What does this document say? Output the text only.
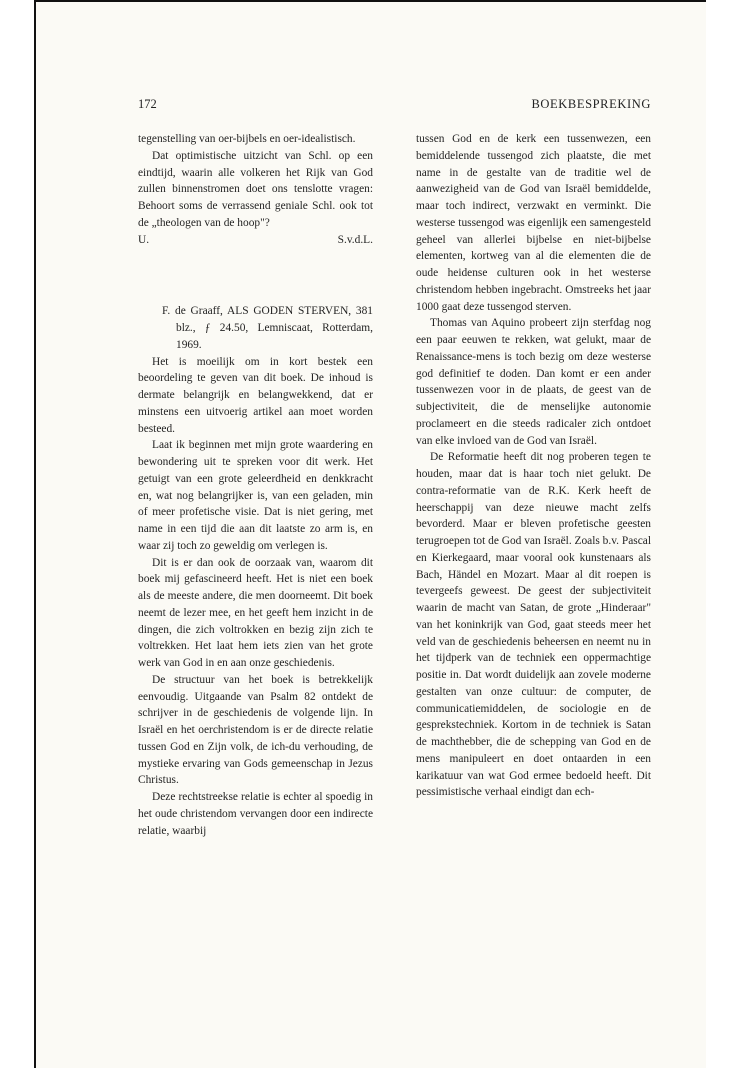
172	BOEKBESPREKING

tegenstelling van oer-bijbels en oer-idealistisch.

Dat optimistische uitzicht van Schl. op een eindtijd, waarin alle volkeren het Rijk van God zullen binnenstromen doet ons tenslotte vragen: Behoort soms de verrassend geniale Schl. ook tot de „theologen van de hoop"?

U.	S.v.d.L.

F. de Graaff, ALS GODEN STERVEN, 381 blz., ƒ 24.50, Lemniscaat, Rotterdam, 1969.

Het is moeilijk om in kort bestek een beoordeling te geven van dit boek. De inhoud is dermate belangrijk en belangwekkend, dat er minstens een uitvoerig artikel aan moet worden besteed.

Laat ik beginnen met mijn grote waardering en bewondering uit te spreken voor dit werk. Het getuigt van een grote geleerdheid en denkkracht en, wat nog belangrijker is, van een geladen, min of meer profetische visie. Dat is niet gering, met name in een tijd die aan dit laatste zo arm is, en waar zij toch zo geweldig om verlegen is.

Dit is er dan ook de oorzaak van, waarom dit boek mij gefascineerd heeft. Het is niet een boek als de meeste andere, die men doorneemt. Dit boek neemt de lezer mee, en het geeft hem inzicht in de dingen, die zich voltrokken en bezig zijn zich te voltrekken. Het laat hem iets zien van het grote werk van God in en aan onze geschiedenis.

De structuur van het boek is betrekkelijk eenvoudig. Uitgaande van Psalm 82 ontdekt de schrijver in de geschiedenis de volgende lijn. In Israël en het oerchristendom is er de directe relatie tussen God en Zijn volk, de ich-du verhouding, de mystieke ervaring van Gods gemeenschap in Jezus Christus.

Deze rechtstreekse relatie is echter al spoedig in het oude christendom vervangen door een indirecte relatie, waarbij

tussen God en de kerk een tussenwezen, een bemiddelende tussengod zich plaatste, die met name in de gestalte van de traditie wel de aanwezigheid van de God van Israël bemiddelde, maar toch indirect, verzwakt en verminkt. Die westerse tussengod was eigenlijk een samengesteld geheel van allerlei bijbelse en niet-bijbelse elementen, kortweg van al die elementen die de oude heidense culturen ook in het westerse christendom hebben ingebracht. Omstreeks het jaar 1000 gaat deze tussengod sterven.

Thomas van Aquino probeert zijn sterfdag nog een paar eeuwen te rekken, wat gelukt, maar de Renaissance-mens is toch bezig om deze westerse god definitief te doden. Dan komt er een ander tussenwezen voor in de plaats, de geest van de subjectiviteit, die de menselijke autonomie proclameert en die steeds radicaler zich ontdoet van elke invloed van de God van Israël.

De Reformatie heeft dit nog proberen tegen te houden, maar dat is haar toch niet gelukt. De contra-reformatie van de R.K. Kerk heeft de heerschappij van deze nieuwe macht zelfs bevorderd. Maar er bleven profetische geesten terugroepen tot de God van Israël. Zoals b.v. Pascal en Kierkegaard, maar vooral ook kunstenaars als Bach, Händel en Mozart. Maar al dit roepen is tevergeefs geweest. De geest der subjectiviteit waarin de macht van Satan, de grote „Hinderaar" van het koninkrijk van God, gaat steeds meer het veld van de geschiedenis beheersen en neemt nu in het tijdperk van de techniek een oppermachtige positie in. Dat wordt duidelijk aan zovele moderne gestalten van onze cultuur: de computer, de communicatiemiddelen, de sociologie en de gesprekstechniek. Kortom in de techniek is Satan de machthebber, die de schepping van God en de mens manipuleert en doet ontaarden in een karikatuur van wat God ermee bedoeld heeft. Dit pessimistische verhaal eindigt dan ech-
